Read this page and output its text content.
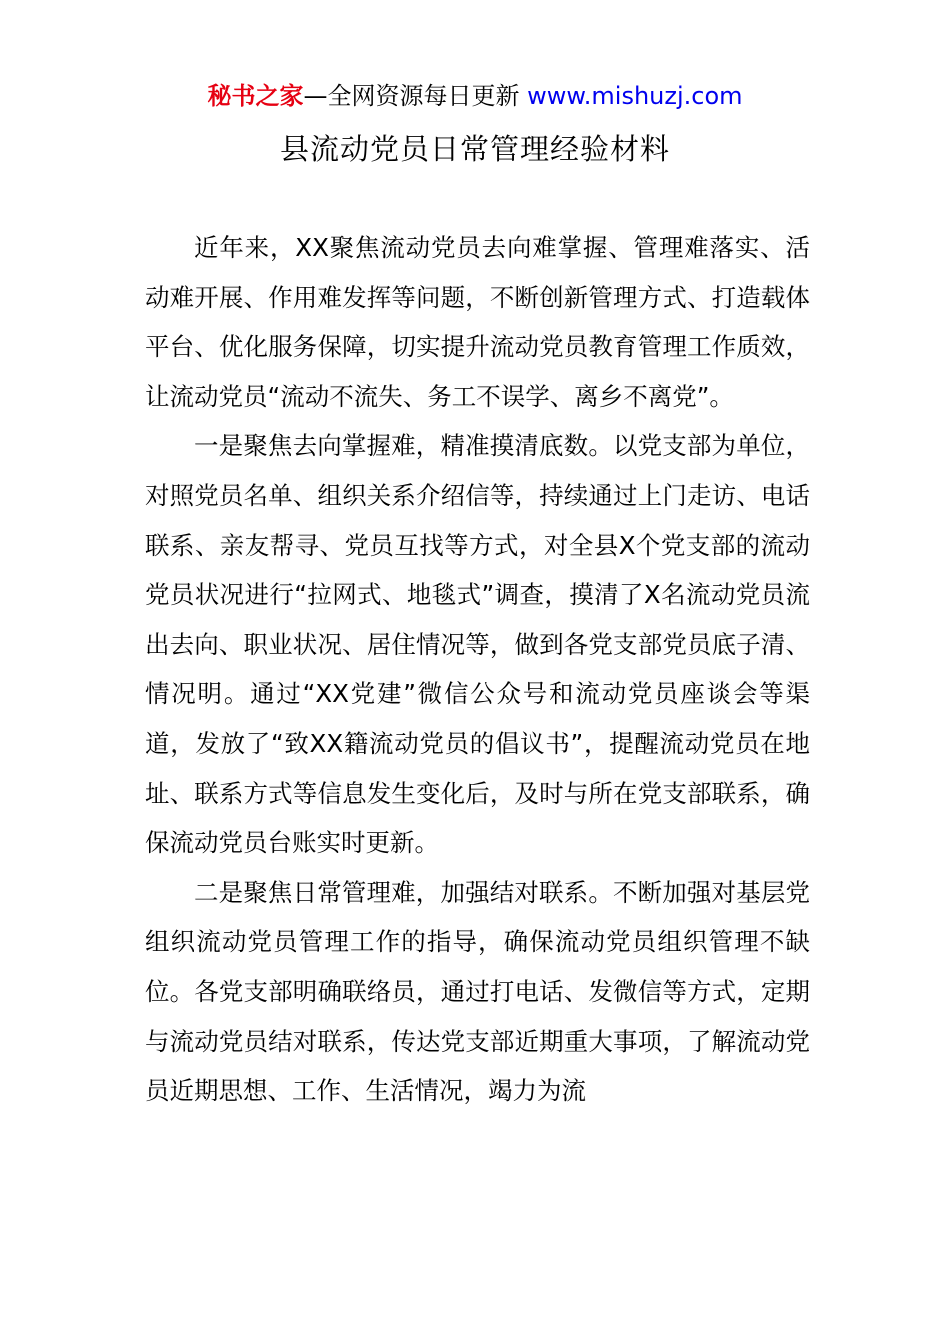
秘书之家—全网资源每日更新 www.mishuzj.com
县流动党员日常管理经验材料

近年来，XX聚焦流动党员去向难掌握、管理难落实、活动难开展、作用难发挥等问题，不断创新管理方式、打造载体平台、优化服务保障，切实提升流动党员教育管理工作质效，让流动党员“流动不流失、务工不误学、离乡不离党”。

一是聚焦去向掌握难，精准摸清底数。以党支部为单位，对照党员名单、组织关系介绍信等，持续通过上门走访、电话联系、亲友帮寻、党员互找等方式，对全县X个党支部的流动党员状况进行“拉网式、地毯式”调查，摸清了X名流动党员流出去向、职业状况、居住情况等，做到各党支部党员底子清、情况明。通过“XX党建”微信公众号和流动党员座谈会等渠道，发放了“致XX籍流动党员的倡议书”，提醒流动党员在地址、联系方式等信息发生变化后，及时与所在党支部联系，确保流动党员台账实时更新。

二是聚焦日常管理难，加强结对联系。不断加强对基层党组织流动党员管理工作的指导，确保流动党员组织管理不缺位。各党支部明确联络员，通过打电话、发微信等方式，定期与流动党员结对联系，传达党支部近期重大事项，了解流动党员近期思想、工作、生活情况，竭力为流
